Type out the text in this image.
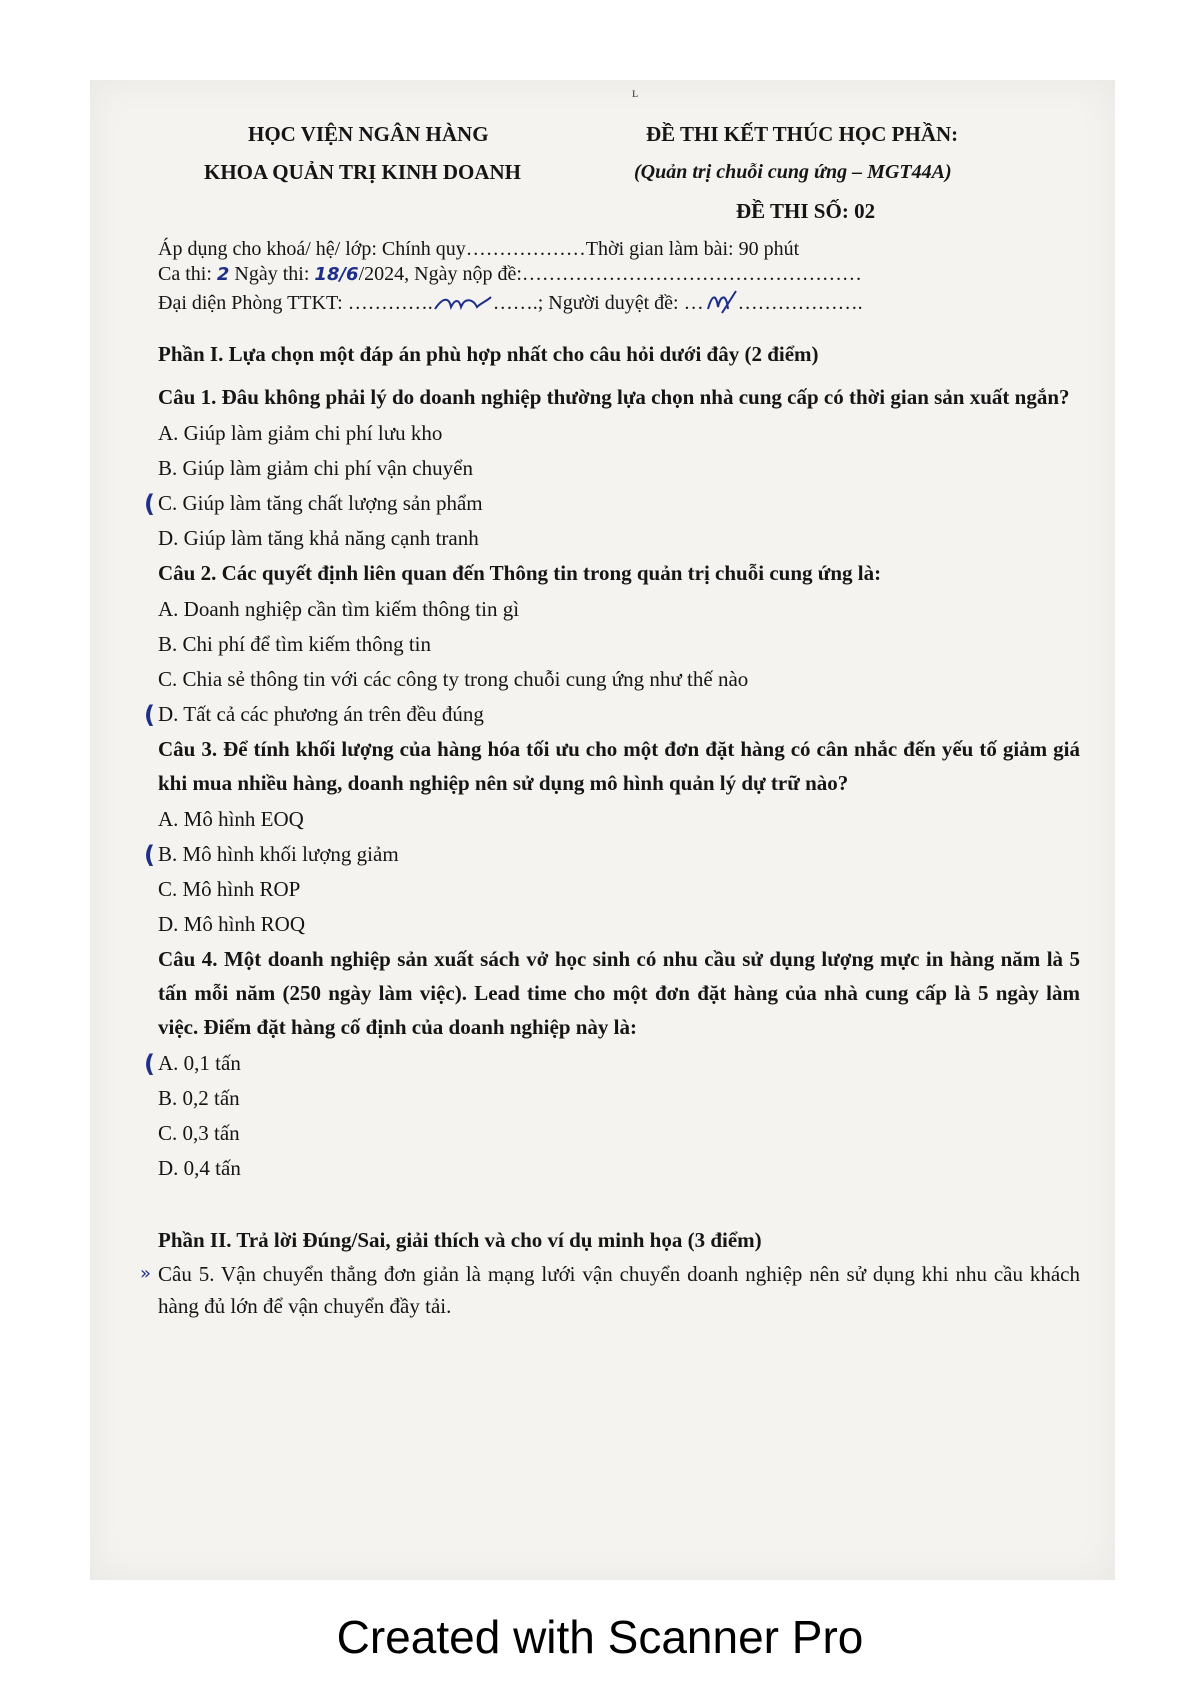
ʟ
HỌC VIỆN NGÂN HÀNG
KHOA QUẢN TRỊ KINH DOANH
ĐỀ THI KẾT THÚC HỌC PHẦN:
(Quản trị chuỗi cung ứng – MGT44A)
ĐỀ THI SỐ: 02
Áp dụng cho khoá/ hệ/ lớp: Chính quy………………Thời gian làm bài: 90 phút
Ca thi: 2 Ngày thi: 18/6/2024, Ngày nộp đề:……………………………………………
Đại diện Phòng TTKT: ………….	…….; Người duyệt đề: … ……………….
Phần I. Lựa chọn một đáp án phù hợp nhất cho câu hỏi dưới đây (2 điểm)
Câu 1. Đâu không phải lý do doanh nghiệp thường lựa chọn nhà cung cấp có thời gian sản xuất ngắn?
A. Giúp làm giảm chi phí lưu kho
B. Giúp làm giảm chi phí vận chuyển
( C. Giúp làm tăng chất lượng sản phẩm
D. Giúp làm tăng khả năng cạnh tranh
Câu 2. Các quyết định liên quan đến Thông tin trong quản trị chuỗi cung ứng là:
A. Doanh nghiệp cần tìm kiếm thông tin gì
B. Chi phí để tìm kiếm thông tin
C. Chia sẻ thông tin với các công ty trong chuỗi cung ứng như thế nào
( D. Tất cả các phương án trên đều đúng
Câu 3. Để tính khối lượng của hàng hóa tối ưu cho một đơn đặt hàng có cân nhắc đến yếu tố giảm giá khi mua nhiều hàng, doanh nghiệp nên sử dụng mô hình quản lý dự trữ nào?
A. Mô hình EOQ
( B. Mô hình khối lượng giảm
C. Mô hình ROP
D. Mô hình ROQ
Câu 4. Một doanh nghiệp sản xuất sách vở học sinh có nhu cầu sử dụng lượng mực in hàng năm là 5 tấn mỗi năm (250 ngày làm việc). Lead time cho một đơn đặt hàng của nhà cung cấp là 5 ngày làm việc. Điểm đặt hàng cố định của doanh nghiệp này là:
( A. 0,1 tấn
B. 0,2 tấn
C. 0,3 tấn
D. 0,4 tấn
Phần II. Trả lời Đúng/Sai, giải thích và cho ví dụ minh họa (3 điểm)
» Câu 5. Vận chuyển thẳng đơn giản là mạng lưới vận chuyển doanh nghiệp nên sử dụng khi nhu cầu khách hàng đủ lớn để vận chuyển đầy tải.
Created with Scanner Pro
